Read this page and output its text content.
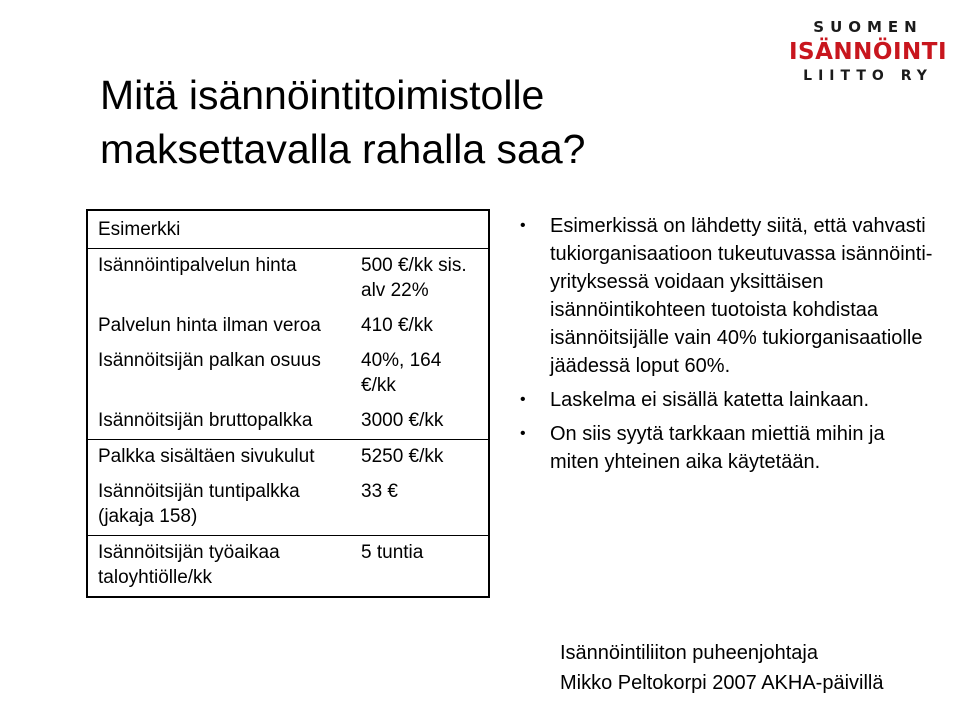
SUOMEN
ISÄNNÖINTI
LIITTO RY
Mitä isännöintitoimistolle
maksettavalla rahalla saa?
Esimerkki	
Isännöintipalvelun hinta	500 €/kk sis. alv 22%
Palvelun hinta ilman veroa	410 €/kk
Isännöitsijän palkan osuus	40%, 164 €/kk
Isännöitsijän bruttopalkka	3000 €/kk
Palkka sisältäen sivukulut	5250 €/kk
Isännöitsijän tuntipalkka (jakaja 158)	33 €
Isännöitsijän työaikaa taloyhtiölle/kk	5 tuntia
• Esimerkissä on lähdetty siitä, että vahvasti tukiorganisaatioon tukeutuvassa isännöinti-yrityksessä voidaan yksittäisen isännöintikohteen tuotoista kohdistaa isännöitsijälle vain 40% tukiorganisaatiolle jäädessä loput 60%.
• Laskelma ei sisällä katetta lainkaan.
• On siis syytä tarkkaan miettiä mihin ja miten yhteinen aika käytetään.
Isännöintiliiton puheenjohtaja
Mikko Peltokorpi 2007 AKHA-päivillä
